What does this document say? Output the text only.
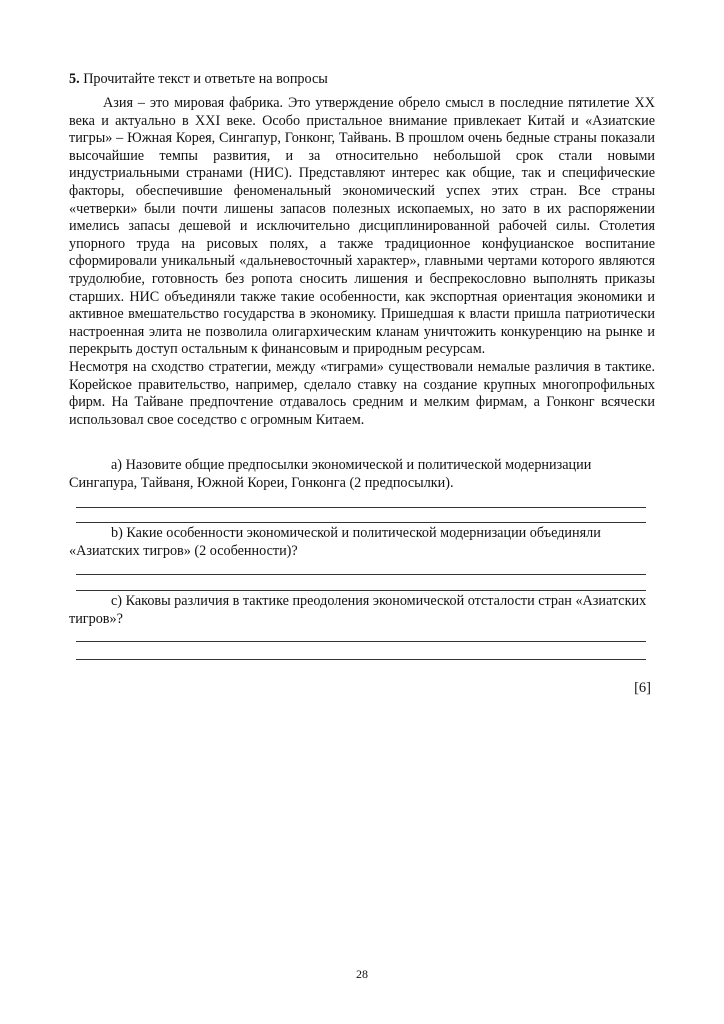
5. Прочитайте текст и ответьте на вопросы

Азия – это мировая фабрика. Это утверждение обрело смысл в последние пятилетие XX века и актуально в XXI веке. Особо пристальное внимание привлекает Китай и «Азиатские тигры» – Южная Корея, Сингапур, Гонконг, Тайвань. В прошлом очень бедные страны показали высочайшие темпы развития, и за относительно небольшой срок стали новыми индустриальными странами (НИС). Представляют интерес как общие, так и специфические факторы, обеспечившие феноменальный экономический успех этих стран. Все страны «четверки» были почти лишены запасов полезных ископаемых, но зато в их распоряжении имелись запасы дешевой и исключительно дисциплинированной рабочей силы. Столетия упорного труда на рисовых полях, а также традиционное конфуцианское воспитание сформировали уникальный «дальневосточный характер», главными чертами которого являются трудолюбие, готовность без ропота сносить лишения и беспрекословно выполнять приказы старших. НИС объединяли также такие особенности, как экспортная ориентация экономики и активное вмешательство государства в экономику. Пришедшая к власти пришла патриотически настроенная элита не позволила олигархическим кланам уничтожить конкуренцию на рынке и перекрыть доступ остальным к финансовым и природным ресурсам.

Несмотря на сходство стратегии, между «тиграми» существовали немалые различия в тактике. Корейское правительство, например, сделало ставку на создание крупных многопрофильных фирм. На Тайване предпочтение отдавалось средним и мелким фирмам, а Гонконг всячески использовал свое соседство с огромным Китаем.

a) Назовите общие предпосылки экономической и политической модернизации Сингапура, Тайваня, Южной Кореи, Гонконга (2 предпосылки).
b) Какие особенности экономической и политической модернизации объединяли «Азиатских тигров» (2 особенности)?
c) Каковы различия в тактике преодоления экономической отсталости стран «Азиатских тигров»?
[6]
28
